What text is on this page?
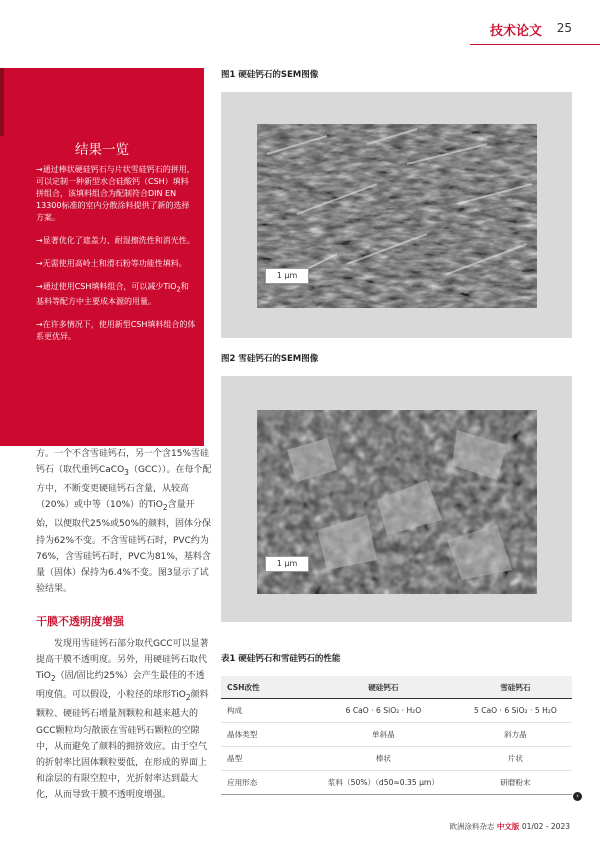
技术论文 25
结果一览
→通过棒状硬硅钙石与片状雪硅钙石的拼用，可以定制一种新型水合硅酸钙（CSH）填料拼组合，该填料组合为配制符合DIN EN 13300标准的室内分散涂料提供了新的选择方案。
→显著优化了遮盖力、耐湿擦洗性和消光性。
→无需使用高岭土和滑石粉等功能性填料。
→通过使用CSH填料组合，可以减少TiO$_2$和基料等配方中主要成本源的用量。
→在许多情况下，使用新型CSH填料组合的体系更优异。
方。一个不含雪硅钙石，另一个含15%雪硅钙石（取代重钙CaCO$_3$（GCC））。在每个配方中，不断变更硬硅钙石含量，从较高（20%）或中等（10%）的TiO$_2$含量开始，以便取代25%或50%的颜料，固体分保持为62%不变。不含雪硅钙石时，PVC约为76%，含雪硅钙石时，PVC为81%，基料含量（固体）保持为6.4%不变。图3显示了试验结果。
干膜不透明度增强
发现用雪硅钙石部分取代GCC可以显著提高干膜不透明度。另外，用硬硅钙石取代TiO$_2$（固/固比约25%）会产生最佳的不透明度值。可以假设，小粒径的球形TiO$_2$颜料颗粒、硬硅钙石增量剂颗粒和越来越大的GCC颗粒均匀散嵌在雪硅钙石颗粒的空隙中，从而避免了颜料的拥挤效应。由于空气的折射率比固体颗粒要低，在形成的界面上和涂层的有限空腔中，光折射率达到最大化，从而导致干膜不透明度增强。
图1 硬硅钙石的SEM图像
1 μm
图2 雪硅钙石的SEM图像
1 μm
表1 硬硅钙石和雪硅钙石的性能
CSH改性	硬硅钙石	雪硅钙石
构成	6 CaO · 6 SiO₂ · H₂O	5 CaO · 6 SiO₂ · 5 H₂O
晶体类型	单斜晶	斜方晶
晶型	棒状	片状
应用形态	浆料（50%）（d50≈0.35 μm）	研磨粉末
›
欧洲涂料杂志 中文版 01/02 - 2023
